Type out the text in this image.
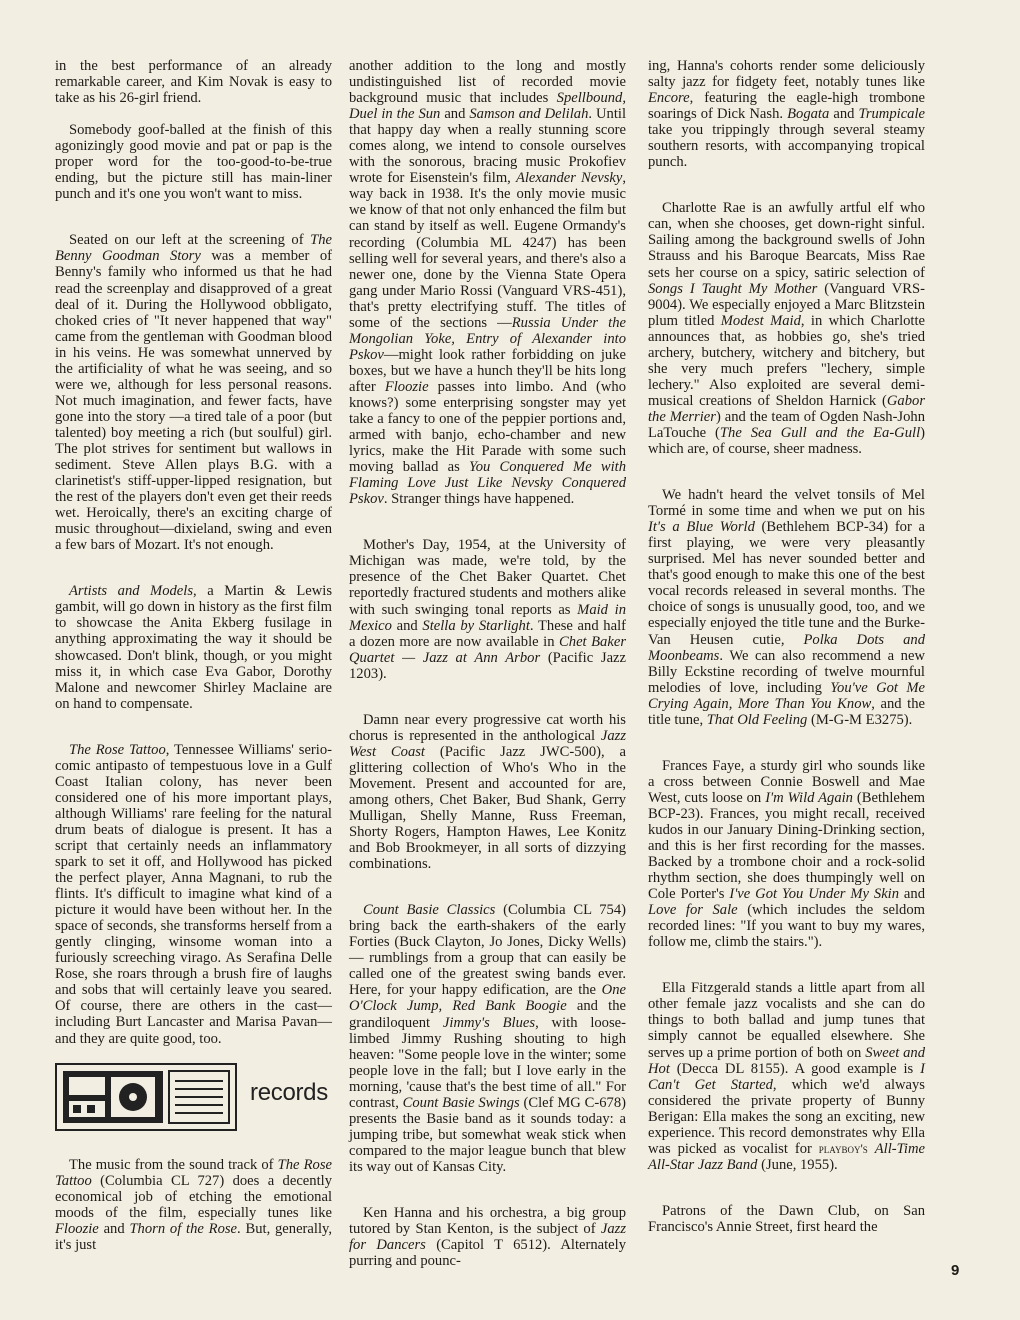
in the best performance of an already remarkable career, and Kim Novak is easy to take as his 26-girl friend.

Somebody goof-balled at the finish of this agonizingly good movie and pat or pap is the proper word for the too-good-to-be-true ending, but the picture still has main-liner punch and it's one you won't want to miss.

Seated on our left at the screening of The Benny Goodman Story was a member of Benny's family who informed us that he had read the screenplay and disapproved of a great deal of it. During the Hollywood obbligato, choked cries of "It never happened that way" came from the gentleman with Goodman blood in his veins. He was somewhat unnerved by the artificiality of what he was seeing, and so were we, although for less personal reasons. Not much imagination, and fewer facts, have gone into the story —a tired tale of a poor (but talented) boy meeting a rich (but soulful) girl. The plot strives for sentiment but wallows in sediment. Steve Allen plays B.G. with a clarinetist's stiff-upper-lipped resignation, but the rest of the players don't even get their reeds wet. Heroically, there's an exciting charge of music throughout—dixieland, swing and even a few bars of Mozart. It's not enough.

Artists and Models, a Martin & Lewis gambit, will go down in history as the first film to showcase the Anita Ekberg fusilage in anything approximating the way it should be showcased. Don't blink, though, or you might miss it, in which case Eva Gabor, Dorothy Malone and newcomer Shirley Maclaine are on hand to compensate.

The Rose Tattoo, Tennessee Williams' serio-comic antipasto of tempestuous love in a Gulf Coast Italian colony, has never been considered one of his more important plays, although Williams' rare feeling for the natural drum beats of dialogue is present. It has a script that certainly needs an inflammatory spark to set it off, and Hollywood has picked the perfect player, Anna Magnani, to rub the flints. It's difficult to imagine what kind of a picture it would have been without her. In the space of seconds, she transforms herself from a gently clinging, winsome woman into a furiously screeching virago. As Serafina Delle Rose, she roars through a brush fire of laughs and sobs that will certainly leave you seared. Of course, there are others in the cast—including Burt Lancaster and Marisa Pavan—and they are quite good, too.

records

The music from the sound track of The Rose Tattoo (Columbia CL 727) does a decently economical job of etching the emotional moods of the film, especially tunes like Floozie and Thorn of the Rose. But, generally, it's just

another addition to the long and mostly undistinguished list of recorded movie background music that includes Spellbound, Duel in the Sun and Samson and Delilah. Until that happy day when a really stunning score comes along, we intend to console ourselves with the sonorous, bracing music Prokofiev wrote for Eisenstein's film, Alexander Nevsky, way back in 1938. It's the only movie music we know of that not only enhanced the film but can stand by itself as well. Eugene Ormandy's recording (Columbia ML 4247) has been selling well for several years, and there's also a newer one, done by the Vienna State Opera gang under Mario Rossi (Vanguard VRS-451), that's pretty electrifying stuff. The titles of some of the sections —Russia Under the Mongolian Yoke, Entry of Alexander into Pskov—might look rather forbidding on juke boxes, but we have a hunch they'll be hits long after Floozie passes into limbo. And (who knows?) some enterprising songster may yet take a fancy to one of the peppier portions and, armed with banjo, echo-chamber and new lyrics, make the Hit Parade with some such moving ballad as You Conquered Me with Flaming Love Just Like Nevsky Conquered Pskov. Stranger things have happened.

Mother's Day, 1954, at the University of Michigan was made, we're told, by the presence of the Chet Baker Quartet. Chet reportedly fractured students and mothers alike with such swinging tonal reports as Maid in Mexico and Stella by Starlight. These and half a dozen more are now available in Chet Baker Quartet — Jazz at Ann Arbor (Pacific Jazz 1203).

Damn near every progressive cat worth his chorus is represented in the anthological Jazz West Coast (Pacific Jazz JWC-500), a glittering collection of Who's Who in the Movement. Present and accounted for are, among others, Chet Baker, Bud Shank, Gerry Mulligan, Shelly Manne, Russ Freeman, Shorty Rogers, Hampton Hawes, Lee Konitz and Bob Brookmeyer, in all sorts of dizzying combinations.

Count Basie Classics (Columbia CL 754) bring back the earth-shakers of the early Forties (Buck Clayton, Jo Jones, Dicky Wells) — rumblings from a group that can easily be called one of the greatest swing bands ever. Here, for your happy edification, are the One O'Clock Jump, Red Bank Boogie and the grandiloquent Jimmy's Blues, with loose-limbed Jimmy Rushing shouting to high heaven: "Some people love in the winter; some people love in the fall; but I love early in the morning, 'cause that's the best time of all." For contrast, Count Basie Swings (Clef MG C-678) presents the Basie band as it sounds today: a jumping tribe, but somewhat weak stick when compared to the major league bunch that blew its way out of Kansas City.

Ken Hanna and his orchestra, a big group tutored by Stan Kenton, is the subject of Jazz for Dancers (Capitol T 6512). Alternately purring and pounc-

ing, Hanna's cohorts render some deliciously salty jazz for fidgety feet, notably tunes like Encore, featuring the eagle-high trombone soarings of Dick Nash. Bogata and Trumpicale take you trippingly through several steamy southern resorts, with accompanying tropical punch.

Charlotte Rae is an awfully artful elf who can, when she chooses, get down-right sinful. Sailing among the background swells of John Strauss and his Baroque Bearcats, Miss Rae sets her course on a spicy, satiric selection of Songs I Taught My Mother (Vanguard VRS-9004). We especially enjoyed a Marc Blitzstein plum titled Modest Maid, in which Charlotte announces that, as hobbies go, she's tried archery, butchery, witchery and bitchery, but she very much prefers "lechery, simple lechery." Also exploited are several demi-musical creations of Sheldon Harnick (Gabor the Merrier) and the team of Ogden Nash-John LaTouche (The Sea Gull and the Ea-Gull) which are, of course, sheer madness.

We hadn't heard the velvet tonsils of Mel Tormé in some time and when we put on his It's a Blue World (Bethlehem BCP-34) for a first playing, we were very pleasantly surprised. Mel has never sounded better and that's good enough to make this one of the best vocal records released in several months. The choice of songs is unusually good, too, and we especially enjoyed the title tune and the Burke-Van Heusen cutie, Polka Dots and Moonbeams. We can also recommend a new Billy Eckstine recording of twelve mournful melodies of love, including You've Got Me Crying Again, More Than You Know, and the title tune, That Old Feeling (M-G-M E3275).

Frances Faye, a sturdy girl who sounds like a cross between Connie Boswell and Mae West, cuts loose on I'm Wild Again (Bethlehem BCP-23). Frances, you might recall, received kudos in our January Dining-Drinking section, and this is her first recording for the masses. Backed by a trombone choir and a rock-solid rhythm section, she does thumpingly well on Cole Porter's I've Got You Under My Skin and Love for Sale (which includes the seldom recorded lines: "If you want to buy my wares, follow me, climb the stairs.").

Ella Fitzgerald stands a little apart from all other female jazz vocalists and she can do things to both ballad and jump tunes that simply cannot be equalled elsewhere. She serves up a prime portion of both on Sweet and Hot (Decca DL 8155). A good example is I Can't Get Started, which we'd always considered the private property of Bunny Berigan: Ella makes the song an exciting, new experience. This record demonstrates why Ella was picked as vocalist for playboy's All-Time All-Star Jazz Band (June, 1955).

Patrons of the Dawn Club, on San Francisco's Annie Street, first heard the

9
